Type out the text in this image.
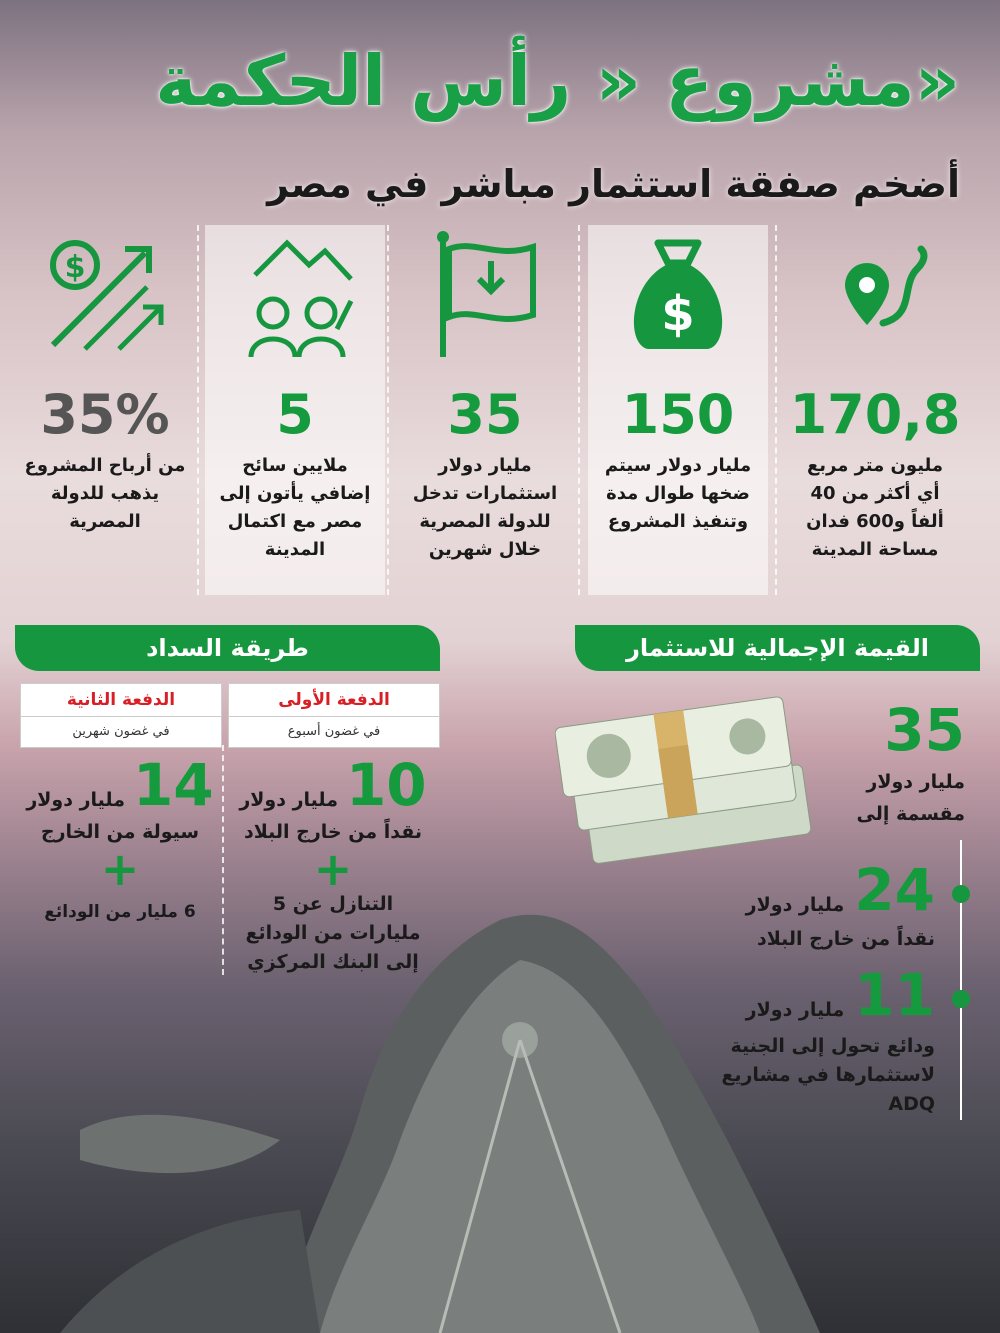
مشروع « رأس الحكمة»
أضخم صفقة استثمار مباشر في مصر
170,8
مليون متر مربع أي أكثر من 40 ألفاً و600 فدان مساحة المدينة
$
150
مليار دولار سيتم ضخها طوال مدة وتنفيذ المشروع
35
مليار دولار استثمارات تدخل للدولة المصرية خلال شهرين
5
ملايين سائح إضافي يأتون إلى مصر مع اكتمال المدينة
$
35%
من أرباح المشروع يذهب للدولة المصرية
القيمة الإجمالية للاستثمار
طريقة السداد
35
مليار دولار
مقسمة إلى
24
مليار دولار
نقداً من خارج البلاد
11
مليار دولار
ودائع تحول إلى الجنية لاستثمارها في مشاريع ADQ
الدفعة الأولى
في غضون أسبوع
الدفعة الثانية
في غضون شهرين
10
مليار دولار
نقداً من خارج البلاد
+
التنازل عن 5 مليارات من الودائع إلى البنك المركزي
14
مليار دولار
سيولة من الخارج
+
6 مليار من الودائع
